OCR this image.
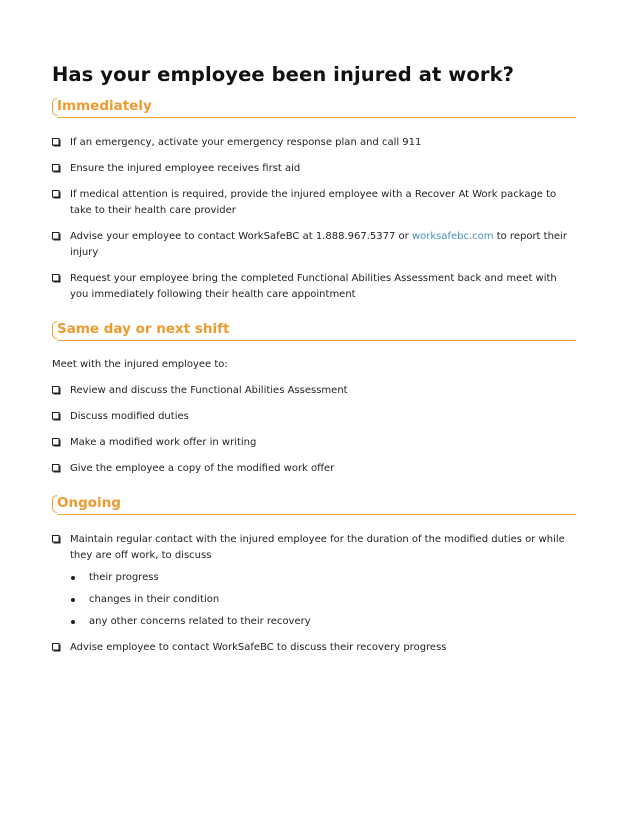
Has your employee been injured at work?
Immediately
If an emergency, activate your emergency response plan and call 911
Ensure the injured employee receives first aid
If medical attention is required, provide the injured employee with a Recover At Work package to take to their health care provider
Advise your employee to contact WorkSafeBC at 1.888.967.5377 or worksafebc.com to report their injury
Request your employee bring the completed Functional Abilities Assessment back and meet with you immediately following their health care appointment
Same day or next shift

Meet with the injured employee to:

Review and discuss the Functional Abilities Assessment
Discuss modified duties
Make a modified work offer in writing
Give the employee a copy of the modified work offer
Ongoing
Maintain regular contact with the injured employee for the duration of the modified duties or while they are off work, to discuss
their progress
changes in their condition
any other concerns related to their recovery
Advise employee to contact WorkSafeBC to discuss their recovery progress
